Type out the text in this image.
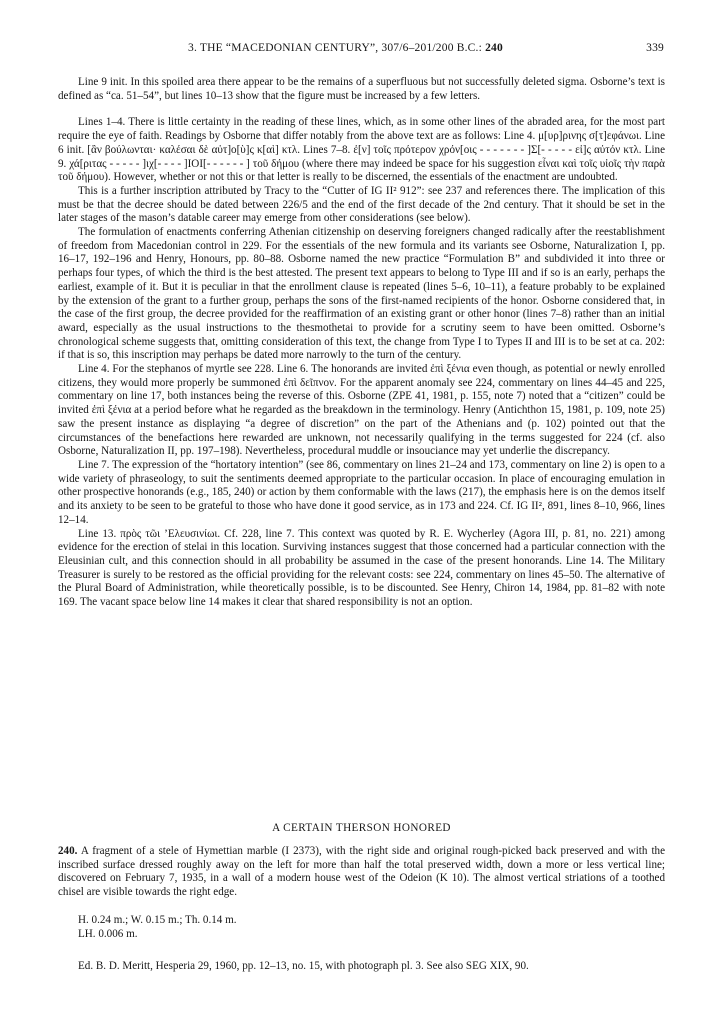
3. THE “MACEDONIAN CENTURY”, 307/6–201/200 B.C.: 240	339

Line 9 init. In this spoiled area there appear to be the remains of a superfluous but not successfully deleted sigma. Osborne’s text is defined as “ca. 51–54”, but lines 10–13 show that the figure must be increased by a few letters.

Lines 1–4. There is little certainty in the reading of these lines, which, as in some other lines of the abraded area, for the most part require the eye of faith. Readings by Osborne that differ notably from the above text are as follows: Line 4. μ[υρ]ρινης σ[τ]εφάνωι. Line 6 init. [ἃν βούλωνται· καλέσαι δὲ αὐτ]ο[ὺ]ς κ[αὶ] κτλ. Lines 7–8. ἐ[ν] τοῖς πρότερον χρόν[οις - - - - - - - ]Σ[- - - - - εἰ]ς αὐτόν κτλ. Line 9. χά[ριτας - - - - - ]ιχ[- - - - ]ΙΟΙ[- - - - - - ] τοῦ δήμου (where there may indeed be space for his suggestion εἶναι καὶ τοῖς υἱοῖς τὴν παρὰ τοῦ δήμου). However, whether or not this or that letter is really to be discerned, the essentials of the enactment are undoubted.

This is a further inscription attributed by Tracy to the “Cutter of IG II² 912”: see 237 and references there. The implication of this must be that the decree should be dated between 226/5 and the end of the first decade of the 2nd century. That it should be set in the later stages of the mason’s datable career may emerge from other considerations (see below).

The formulation of enactments conferring Athenian citizenship on deserving foreigners changed radically after the reestablishment of freedom from Macedonian control in 229. For the essentials of the new formula and its variants see Osborne, Naturalization I, pp. 16–17, 192–196 and Henry, Honours, pp. 80–88. Osborne named the new practice “Formulation B” and subdivided it into three or perhaps four types, of which the third is the best attested. The present text appears to belong to Type III and if so is an early, perhaps the earliest, example of it. But it is peculiar in that the enrollment clause is repeated (lines 5–6, 10–11), a feature probably to be explained by the extension of the grant to a further group, perhaps the sons of the first-named recipients of the honor. Osborne considered that, in the case of the first group, the decree provided for the reaffirmation of an existing grant or other honor (lines 7–8) rather than an initial award, especially as the usual instructions to the thesmothetai to provide for a scrutiny seem to have been omitted. Osborne’s chronological scheme suggests that, omitting consideration of this text, the change from Type I to Types II and III is to be set at ca. 202: if that is so, this inscription may perhaps be dated more narrowly to the turn of the century.

Line 4. For the stephanos of myrtle see 228. Line 6. The honorands are invited ἐπὶ ξένια even though, as potential or newly enrolled citizens, they would more properly be summoned ἐπὶ δεῖπνον. For the apparent anomaly see 224, commentary on lines 44–45 and 225, commentary on line 17, both instances being the reverse of this. Osborne (ZPE 41, 1981, p. 155, note 7) noted that a “citizen” could be invited ἐπὶ ξένια at a period before what he regarded as the breakdown in the terminology. Henry (Antichthon 15, 1981, p. 109, note 25) saw the present instance as displaying “a degree of discretion” on the part of the Athenians and (p. 102) pointed out that the circumstances of the benefactions here rewarded are unknown, not necessarily qualifying in the terms suggested for 224 (cf. also Osborne, Naturalization II, pp. 197–198). Nevertheless, procedural muddle or insouciance may yet underlie the discrepancy.

Line 7. The expression of the “hortatory intention” (see 86, commentary on lines 21–24 and 173, commentary on line 2) is open to a wide variety of phraseology, to suit the sentiments deemed appropriate to the particular occasion. In place of encouraging emulation in other prospective honorands (e.g., 185, 240) or action by them conformable with the laws (217), the emphasis here is on the demos itself and its anxiety to be seen to be grateful to those who have done it good service, as in 173 and 224. Cf. IG II², 891, lines 8–10, 966, lines 12–14.

Line 13. πρὸς τῶι ’Ελευσινίωι. Cf. 228, line 7. This context was quoted by R. E. Wycherley (Agora III, p. 81, no. 221) among evidence for the erection of stelai in this location. Surviving instances suggest that those concerned had a particular connection with the Eleusinian cult, and this connection should in all probability be assumed in the case of the present honorands. Line 14. The Military Treasurer is surely to be restored as the official providing for the relevant costs: see 224, commentary on lines 45–50. The alternative of the Plural Board of Administration, while theoretically possible, is to be discounted. See Henry, Chiron 14, 1984, pp. 81–82 with note 169. The vacant space below line 14 makes it clear that shared responsibility is not an option.

A CERTAIN THERSON HONORED

240. A fragment of a stele of Hymettian marble (I 2373), with the right side and original rough-picked back preserved and with the inscribed surface dressed roughly away on the left for more than half the total preserved width, down a more or less vertical line; discovered on February 7, 1935, in a wall of a modern house west of the Odeion (K 10). The almost vertical striations of a toothed chisel are visible towards the right edge.

H. 0.24 m.; W. 0.15 m.; Th. 0.14 m.
LH. 0.006 m.
Ed. B. D. Meritt, Hesperia 29, 1960, pp. 12–13, no. 15, with photograph pl. 3. See also SEG XIX, 90.
